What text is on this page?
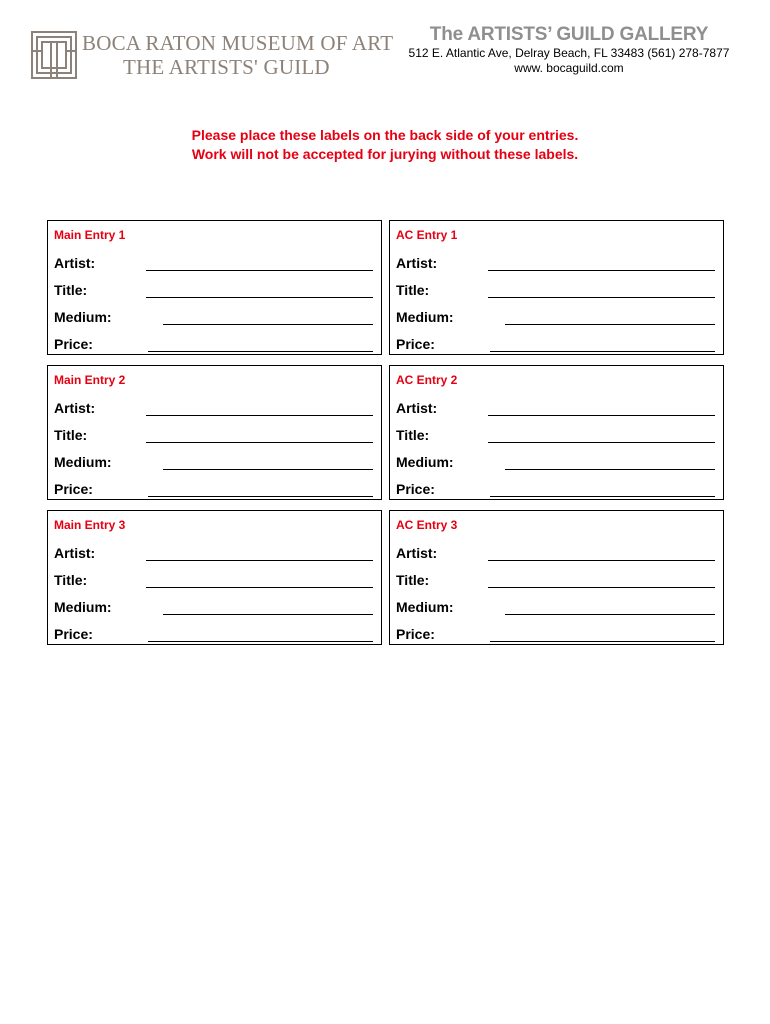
BOCA RATON MUSEUM OF ART
THE ARTISTS' GUILD
The ARTISTS’ GUILD GALLERY
512 E. Atlantic Ave, Delray Beach, FL 33483 (561) 278-7877
www. bocaguild.com
Please place these labels on the back side of your entries.
Work will not be accepted for jurying without these labels.
Main Entry 1
Artist:
Title:
Medium:
Price:
AC Entry 1
Artist:
Title:
Medium:
Price:
Main Entry 2
Artist:
Title:
Medium:
Price:
AC Entry 2
Artist:
Title:
Medium:
Price:
Main Entry 3
Artist:
Title:
Medium:
Price:
AC Entry 3
Artist:
Title:
Medium:
Price:
